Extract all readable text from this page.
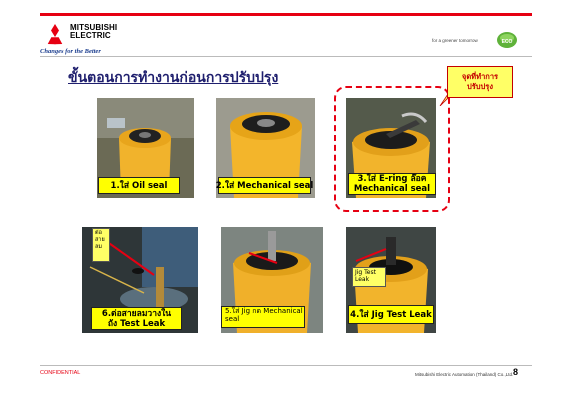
MITSUBISHI
ELECTRIC
Changes for the Better
for a greener tomorrow	ECO
ขั้นตอนการทำงานก่อนการปรับปรุง	จุดที่ทำการ
ปรับปรุง
1.ใส่ Oil seal	2.ใส่ Mechanical seal
3.ใส่ E-ring ล๊อค
Mechanical seal
ต่อ
สาย
ลม
6.ต่อสายลมวางใน
ถัง Test Leak
5.ใส่ Jig กด Mechanical
seal
Jig Test
Leak
4.ใส่ Jig Test Leak
CONFIDENTIAL	Mitsubishi Electric Automation (Thailand) Co.,Ltd. 8
